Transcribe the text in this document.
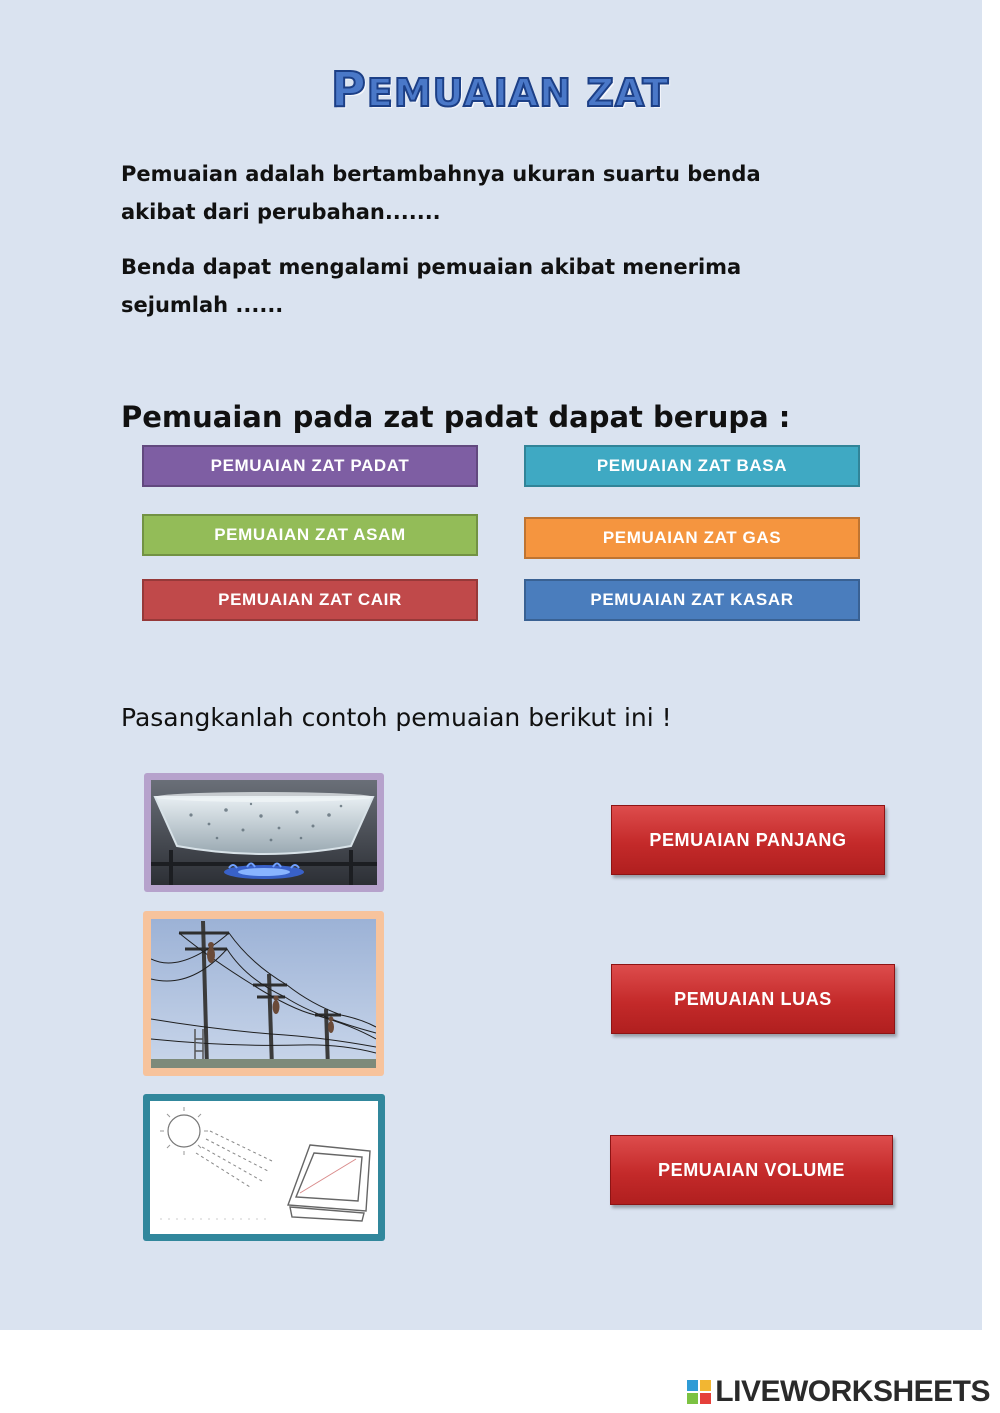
PEMUAIAN ZAT
Pemuaian adalah bertambahnya ukuran suartu benda akibat dari perubahan.......
Benda dapat mengalami pemuaian akibat menerima sejumlah ......
Pemuaian pada zat padat dapat berupa :
PEMUAIAN ZAT PADAT	PEMUAIAN ZAT BASA
PEMUAIAN ZAT ASAM	PEMUAIAN ZAT GAS
PEMUAIAN ZAT CAIR	PEMUAIAN ZAT KASAR
Pasangkanlah contoh pemuaian berikut ini !
PEMUAIAN PANJANG
PEMUAIAN LUAS
PEMUAIAN VOLUME
LIVEWORKSHEETS
